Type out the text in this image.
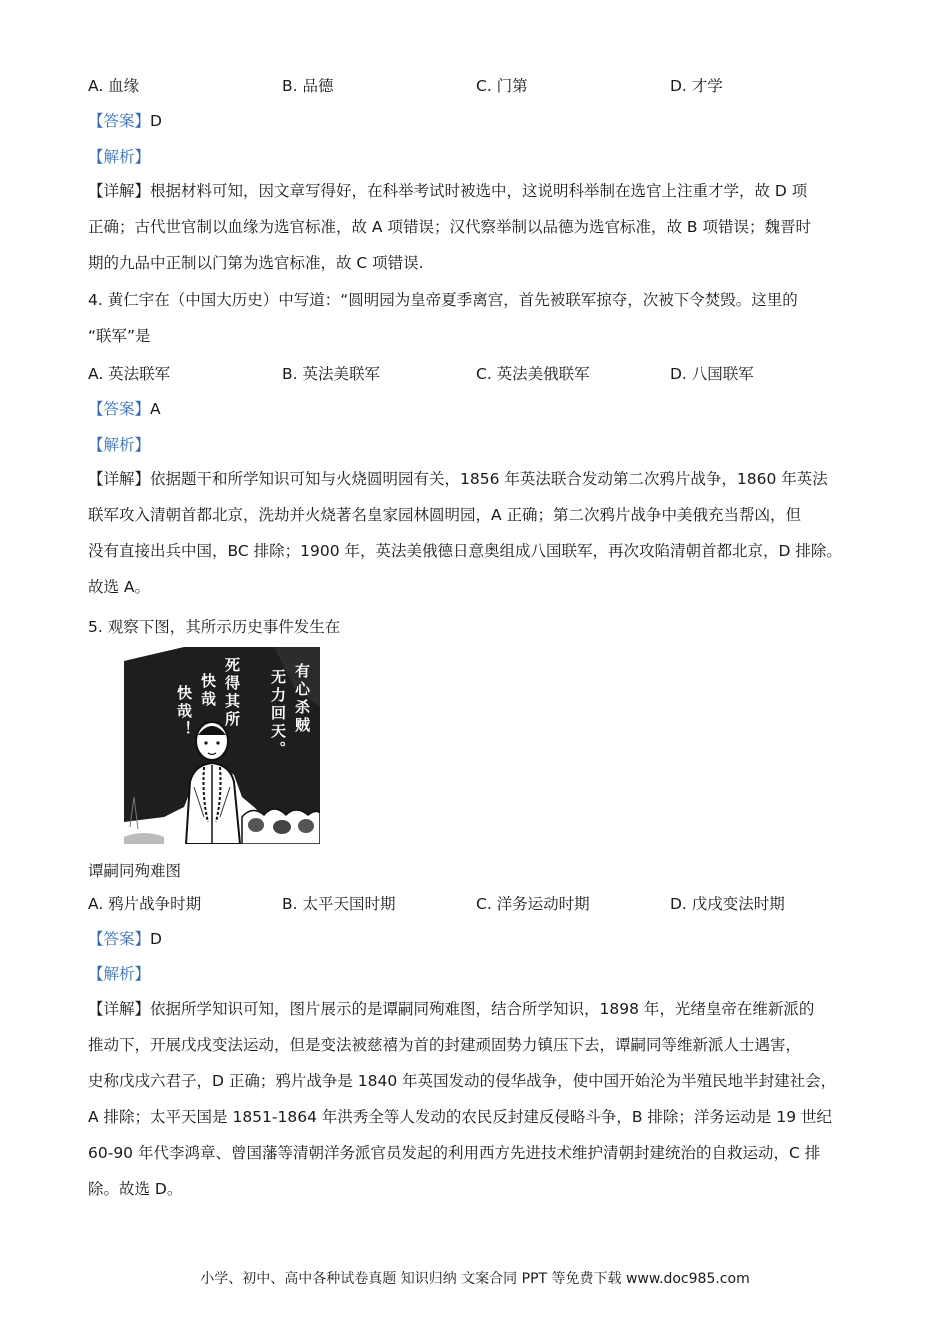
A. 血缘	B. 品德	C. 门第	D. 才学
【答案】D
【解析】
【详解】根据材料可知，因文章写得好，在科举考试时被选中，这说明科举制在选官上注重才学，故 D 项
正确；古代世官制以血缘为选官标准，故 A 项错误；汉代察举制以品德为选官标准，故 B 项错误；魏晋时
期的九品中正制以门第为选官标准，故 C 项错误.
4. 黄仁宇在（中国大历史）中写道：“圆明园为皇帝夏季离宫，首先被联军掠夺，次被下令焚毁。这里的
“联军”是
A. 英法联军	B. 英法美联军	C. 英法美俄联军	D. 八国联军
【答案】A
【解析】
【详解】依据题干和所学知识可知与火烧圆明园有关，1856 年英法联合发动第二次鸦片战争，1860 年英法
联军攻入清朝首都北京，洗劫并火烧著名皇家园林圆明园，A 正确；第二次鸦片战争中美俄充当帮凶，但
没有直接出兵中国，BC 排除；1900 年，英法美俄德日意奥组成八国联军，再次攻陷清朝首都北京，D 排除。
故选 A。
5. 观察下图，其所示历史事件发生在
有心杀贼
无力回天。
死得其所
快哉
快哉！
谭嗣同殉难图
A. 鸦片战争时期	B. 太平天国时期	C. 洋务运动时期	D. 戊戌变法时期
【答案】D
【解析】
【详解】依据所学知识可知，图片展示的是谭嗣同殉难图，结合所学知识，1898 年，光绪皇帝在维新派的
推动下，开展戊戌变法运动，但是变法被慈禧为首的封建顽固势力镇压下去，谭嗣同等维新派人士遇害，
史称戊戌六君子，D 正确；鸦片战争是 1840 年英国发动的侵华战争，使中国开始沦为半殖民地半封建社会，
A 排除；太平天国是 1851-1864 年洪秀全等人发动的农民反封建反侵略斗争，B 排除；洋务运动是 19 世纪
60-90 年代李鸿章、曾国藩等清朝洋务派官员发起的利用西方先进技术维护清朝封建统治的自救运动，C 排
除。故选 D。
小学、初中、高中各种试卷真题 知识归纳 文案合同 PPT 等免费下载 www.doc985.com
